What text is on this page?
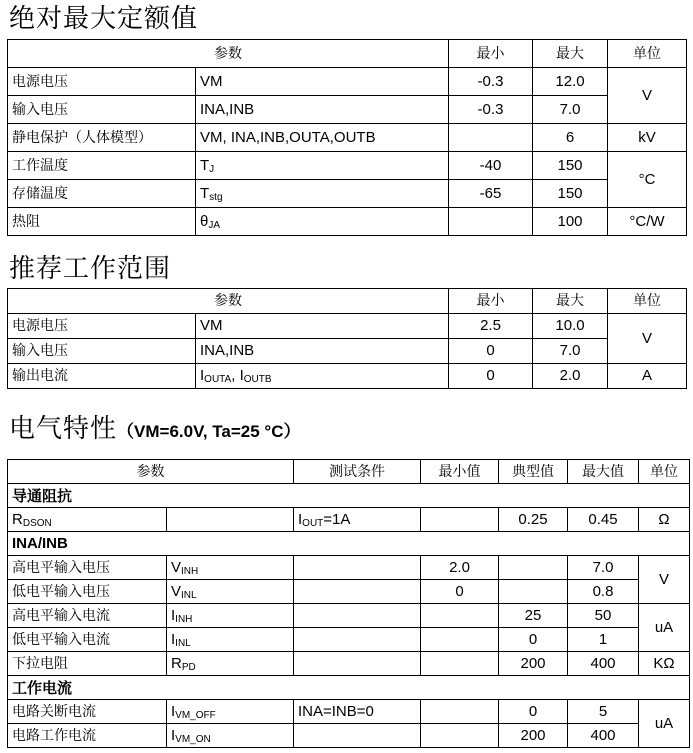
绝对最大定额值
参数		最小	最大	单位
电源电压	VM	-0.3	12.0	V
输入电压	INA,INB	-0.3	7.0	
静电保护（人体模型）	VM, INA,INB,OUTA,OUTB		6	kV
工作温度	$T_J$	-40	150	°C
存储温度	$T_{stg}$	-65	150	
热阻	$\theta_{JA}$		100	°C/W
推荐工作范围
参数		最小	最大	单位
电源电压	VM	2.5	10.0	V
输入电压	INA,INB	0	7.0	
输出电流	$I_{OUTA}$, $I_{OUTB}$	0	2.0	A
电气特性（VM=6.0V, Ta=25 °C）
参数		测试条件	最小值	典型值	最大值	单位
导通阻抗						
$R_{DSON}$		$I_{OUT}=1A$		0.25	0.45	Ω
INA/INB						
高电平输入电压	$V_{INH}$		2.0		7.0	V
低电平输入电压	$V_{INL}$		0		0.8	
高电平输入电流	$I_{INH}$			25	50	uA
低电平输入电流	$I_{INL}$			0	1	
下拉电阻	$R_{PD}$			200	400	KΩ
工作电流						
电路关断电流	$I_{VM\_OFF}$	INA=INB=0		0	5	uA
电路工作电流	$I_{VM\_ON}$			200	400	
